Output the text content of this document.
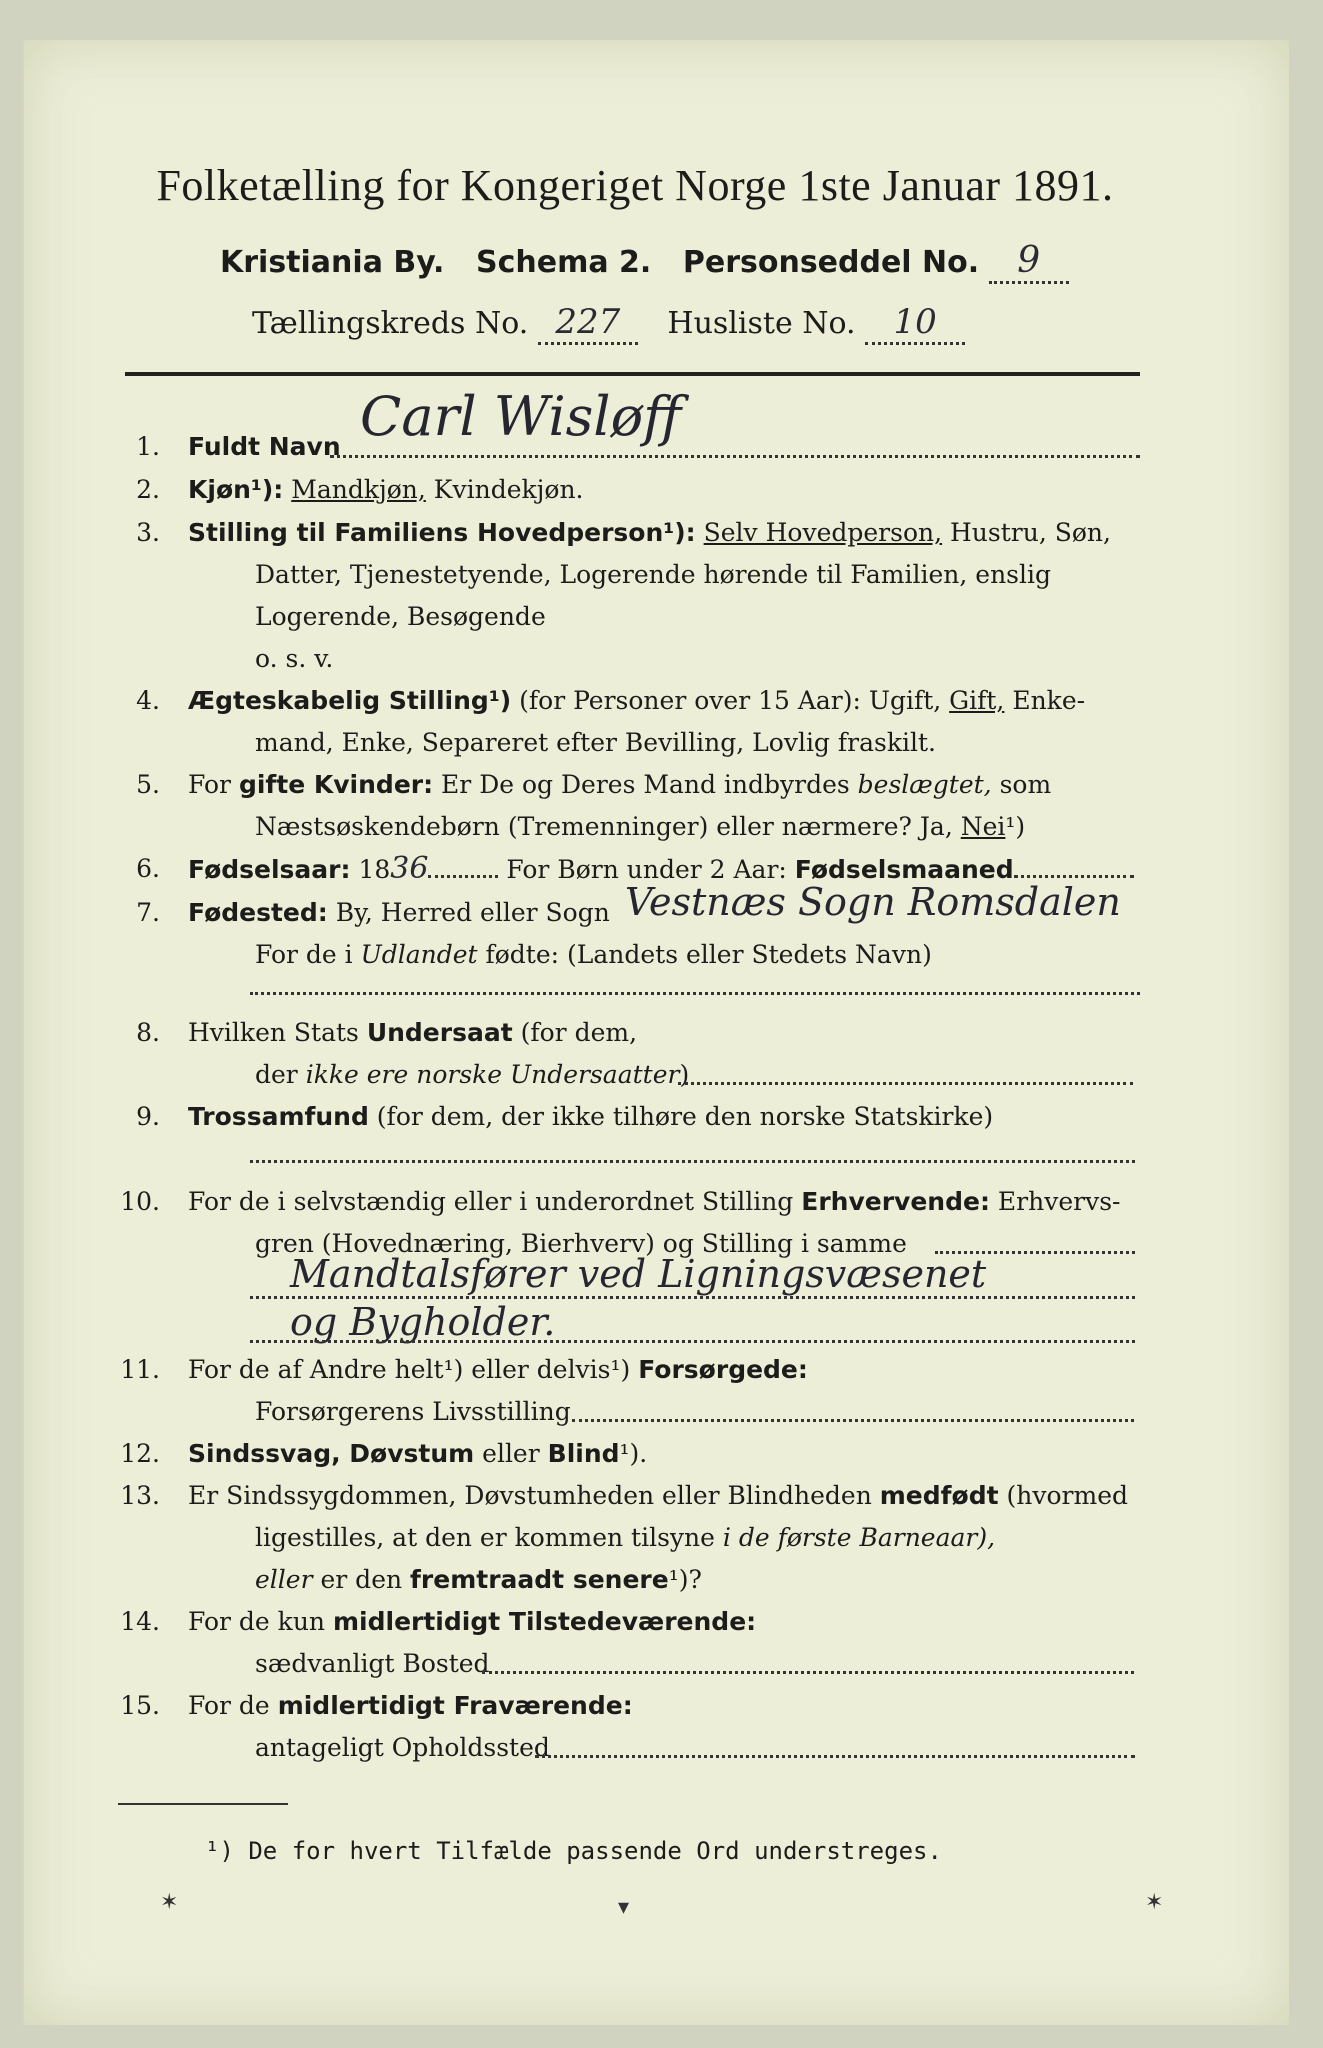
Folketælling for Kongeriget Norge 1ste Januar 1891.
Kristiania By. Schema 2. Personseddel No. 9
Tællingskreds No. 227 Husliste No. 10
1. Fuldt Navn Carl Wisløff
2. Kjøn¹): Mandkjøn, Kvindekjøn.
3. Stilling til Familiens Hovedperson¹): Selv Hovedperson, Hustru, Søn,
Datter, Tjenestetyende, Logerende hørende til Familien, enslig
Logerende, Besøgende
o. s. v.
4. Ægteskabelig Stilling¹) (for Personer over 15 Aar): Ugift, Gift, Enke-
mand, Enke, Separeret efter Bevilling, Lovlig fraskilt.
5. For gifte Kvinder: Er De og Deres Mand indbyrdes beslægtet, som
Næstsøskendebørn (Tremenninger) eller nærmere? Ja, Nei¹)
6. Fødselsaar: 1836	For Børn under 2 Aar: Fødselsmaaned
7. Fødested: By, Herred eller Sogn Vestnæs Sogn Romsdalen
For de i Udlandet fødte: (Landets eller Stedets Navn)
8. Hvilken Stats Undersaat (for dem,
der ikke ere norske Undersaatter)
9. Trossamfund (for dem, der ikke tilhøre den norske Statskirke)
10. For de i selvstændig eller i underordnet Stilling Erhvervende: Erhvervs-
gren (Hovednæring, Bierhverv) og Stilling i samme
Mandtalsfører ved Ligningsvæsenet
og Bygholder.
11. For de af Andre helt¹) eller delvis¹) Forsørgede:
Forsørgerens Livsstilling
12. Sindssvag, Døvstum eller Blind¹).
13. Er Sindssygdommen, Døvstumheden eller Blindheden medfødt (hvormed
ligestilles, at den er kommen tilsyne i de første Barneaar),
eller er den fremtraadt senere¹)?
14. For de kun midlertidigt Tilstedeværende:
sædvanligt Bosted
15. For de midlertidigt Fraværende:
antageligt Opholdssted
¹) De for hvert Tilfælde passende Ord understreges.
✶	▾	✶
